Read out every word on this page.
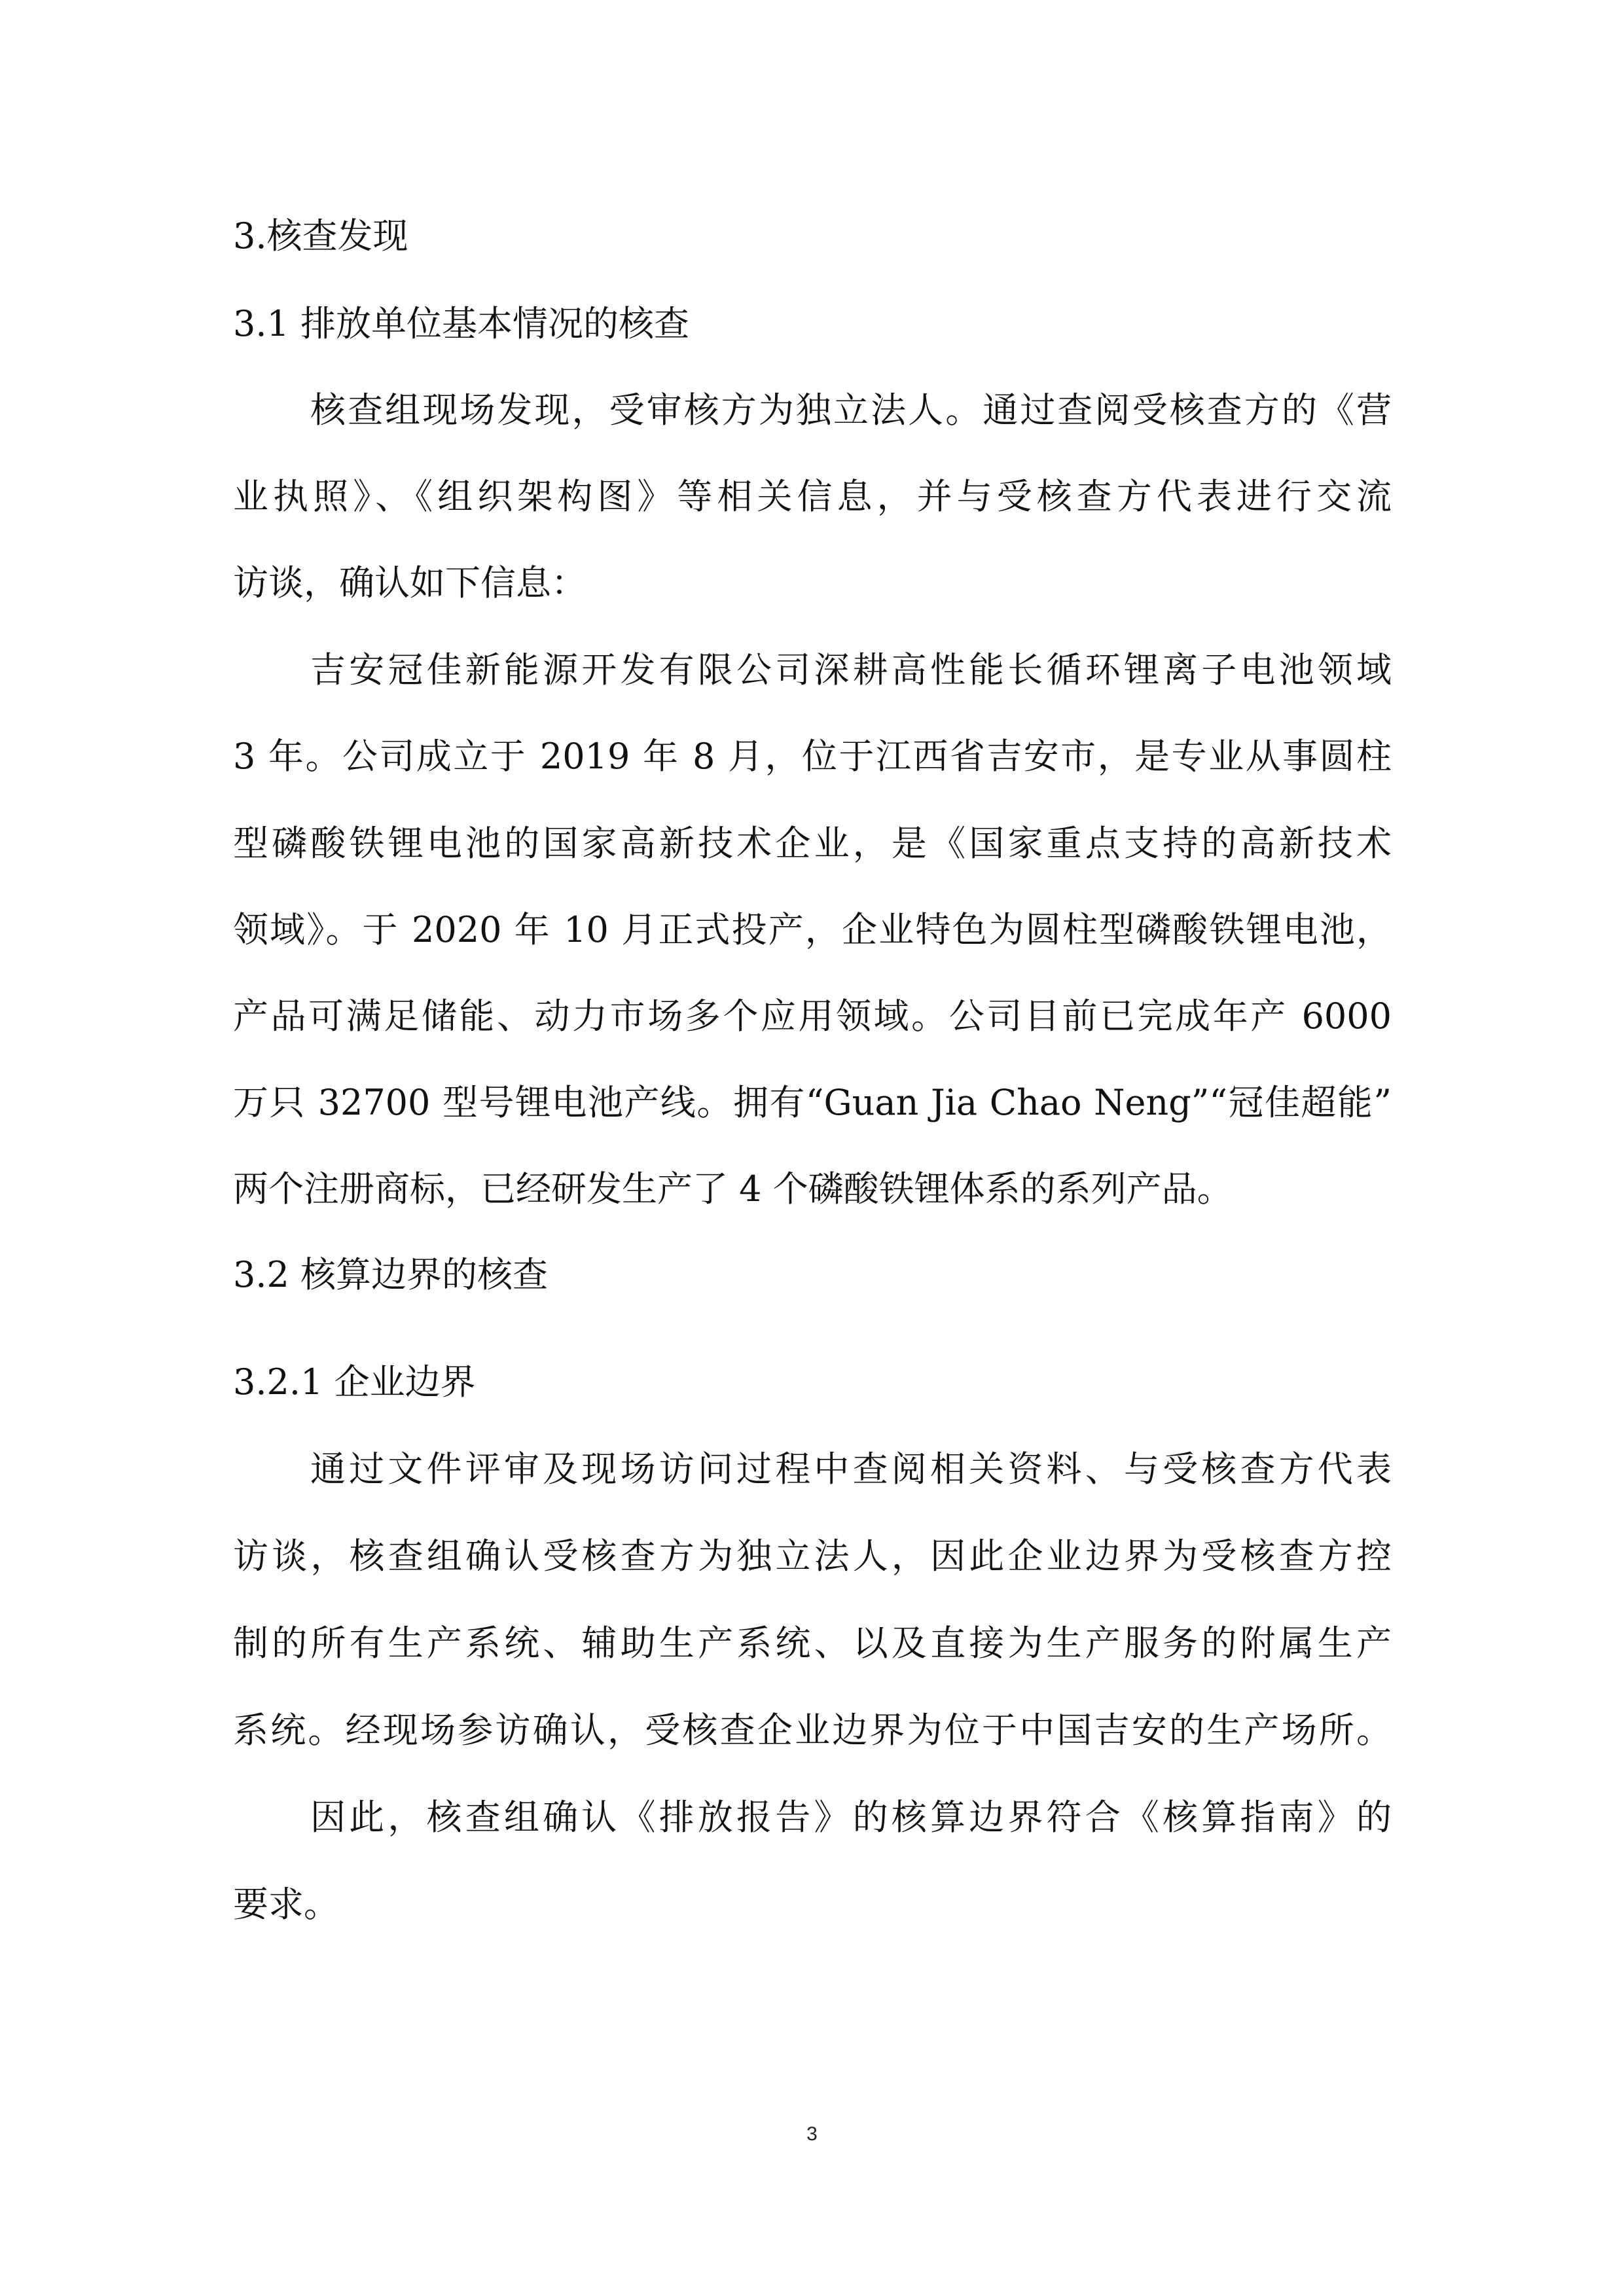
3.核查发现
3.1 排放单位基本情况的核查
核查组现场发现，受审核方为独立法人。通过查阅受核查方的《营
业执照》、《组织架构图》等相关信息，并与受核查方代表进行交流
访谈，确认如下信息：
吉安冠佳新能源开发有限公司深耕高性能长循环锂离子电池领域
3 年。公司成立于 2019 年 8 月，位于江西省吉安市，是专业从事圆柱
型磷酸铁锂电池的国家高新技术企业，是《国家重点支持的高新技术
领域》。于 2020 年 10 月正式投产，企业特色为圆柱型磷酸铁锂电池，
产品可满足储能、动力市场多个应用领域。公司目前已完成年产 6000
万只 32700 型号锂电池产线。拥有“Guan Jia Chao Neng”“冠佳超能”
两个注册商标，已经研发生产了 4 个磷酸铁锂体系的系列产品。
3.2 核算边界的核查
3.2.1 企业边界
通过文件评审及现场访问过程中查阅相关资料、与受核查方代表
访谈，核查组确认受核查方为独立法人，因此企业边界为受核查方控
制的所有生产系统、辅助生产系统、以及直接为生产服务的附属生产
系统。经现场参访确认，受核查企业边界为位于中国吉安的生产场所。
因此，核查组确认《排放报告》的核算边界符合《核算指南》的
要求。
3
